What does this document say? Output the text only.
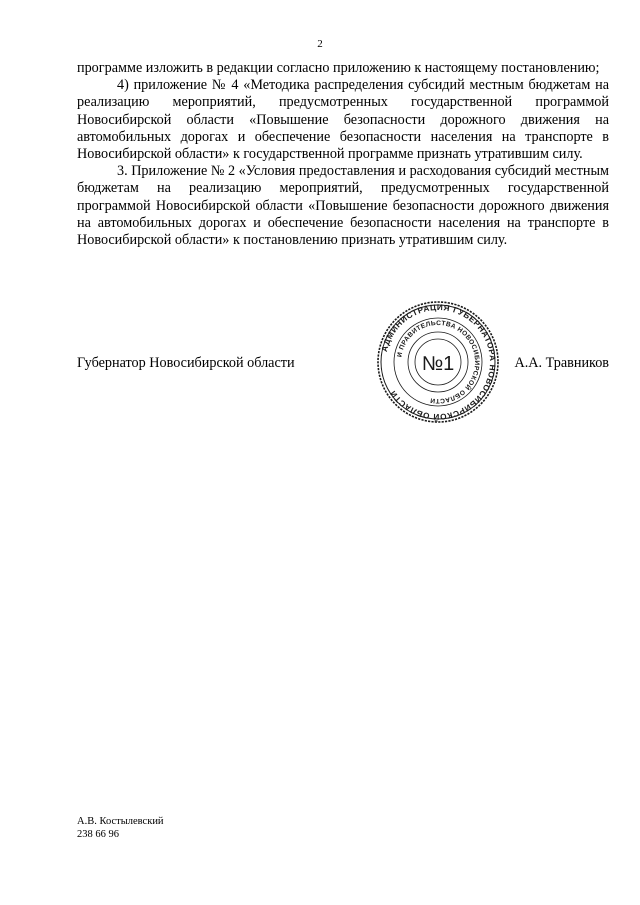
2

программе изложить в редакции согласно приложению к настоящему постановлению;

4) приложение № 4 «Методика распределения субсидий местным бюджетам на реализацию мероприятий, предусмотренных государственной программой Новосибирской области «Повышение безопасности дорожного движения на автомобильных дорогах и обеспечение безопасности населения на транспорте в Новосибирской области» к государственной программе признать утратившим силу.

3. Приложение № 2 «Условия предоставления и расходования субсидий местным бюджетам на реализацию мероприятий, предусмотренных государственной программой Новосибирской области «Повышение безопасности дорожного движения на автомобильных дорогах и обеспечение безопасности населения на транспорте в Новосибирской области» к постановлению признать утратившим силу.

Губернатор Новосибирской области	А.А. Травников
АДМИНИСТРАЦИЯ ГУБЕРНАТОРА НОВОСИБИРСКОЙ ОБЛАСТИ
И ПРАВИТЕЛЬСТВА НОВОСИБИРСКОЙ ОБЛАСТИ
№1
А.В. Костылевский
238 66 96
